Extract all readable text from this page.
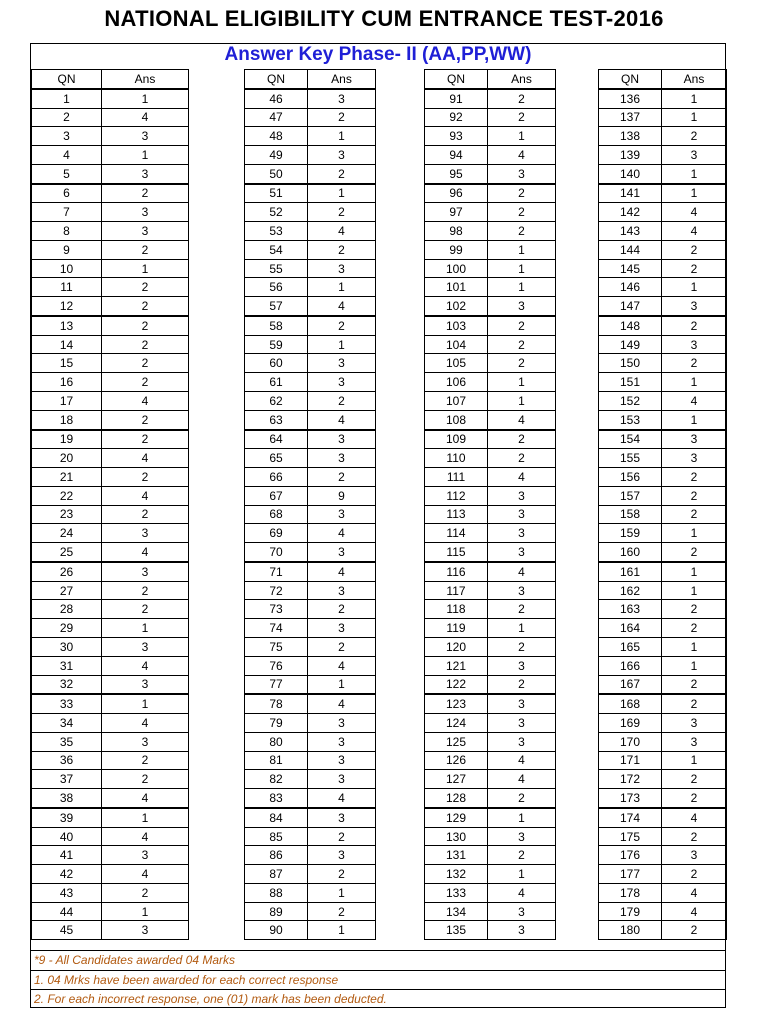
NATIONAL ELIGIBILITY CUM ENTRANCE TEST-2016
Answer Key Phase- II (AA,PP,WW)
QN	Ans
1	1
2	4
3	3
4	1
5	3
6	2
7	3
8	3
9	2
10	1
11	2
12	2
13	2
14	2
15	2
16	2
17	4
18	2
19	2
20	4
21	2
22	4
23	2
24	3
25	4
26	3
27	2
28	2
29	1
30	3
31	4
32	3
33	1
34	4
35	3
36	2
37	2
38	4
39	1
40	4
41	3
42	4
43	2
44	1
45	3
QN	Ans
46	3
47	2
48	1
49	3
50	2
51	1
52	2
53	4
54	2
55	3
56	1
57	4
58	2
59	1
60	3
61	3
62	2
63	4
64	3
65	3
66	2
67	9
68	3
69	4
70	3
71	4
72	3
73	2
74	3
75	2
76	4
77	1
78	4
79	3
80	3
81	3
82	3
83	4
84	3
85	2
86	3
87	2
88	1
89	2
90	1
QN	Ans
91	2
92	2
93	1
94	4
95	3
96	2
97	2
98	2
99	1
100	1
101	1
102	3
103	2
104	2
105	2
106	1
107	1
108	4
109	2
110	2
111	4
112	3
113	3
114	3
115	3
116	4
117	3
118	2
119	1
120	2
121	3
122	2
123	3
124	3
125	3
126	4
127	4
128	2
129	1
130	3
131	2
132	1
133	4
134	3
135	3
QN	Ans
136	1
137	1
138	2
139	3
140	1
141	1
142	4
143	4
144	2
145	2
146	1
147	3
148	2
149	3
150	2
151	1
152	4
153	1
154	3
155	3
156	2
157	2
158	2
159	1
160	2
161	1
162	1
163	2
164	2
165	1
166	1
167	2
168	2
169	3
170	3
171	1
172	2
173	2
174	4
175	2
176	3
177	2
178	4
179	4
180	2
*9 - All Candidates awarded 04 Marks
1. 04 Mrks have been awarded for each correct response
2. For each incorrect response, one (01) mark has been deducted.
